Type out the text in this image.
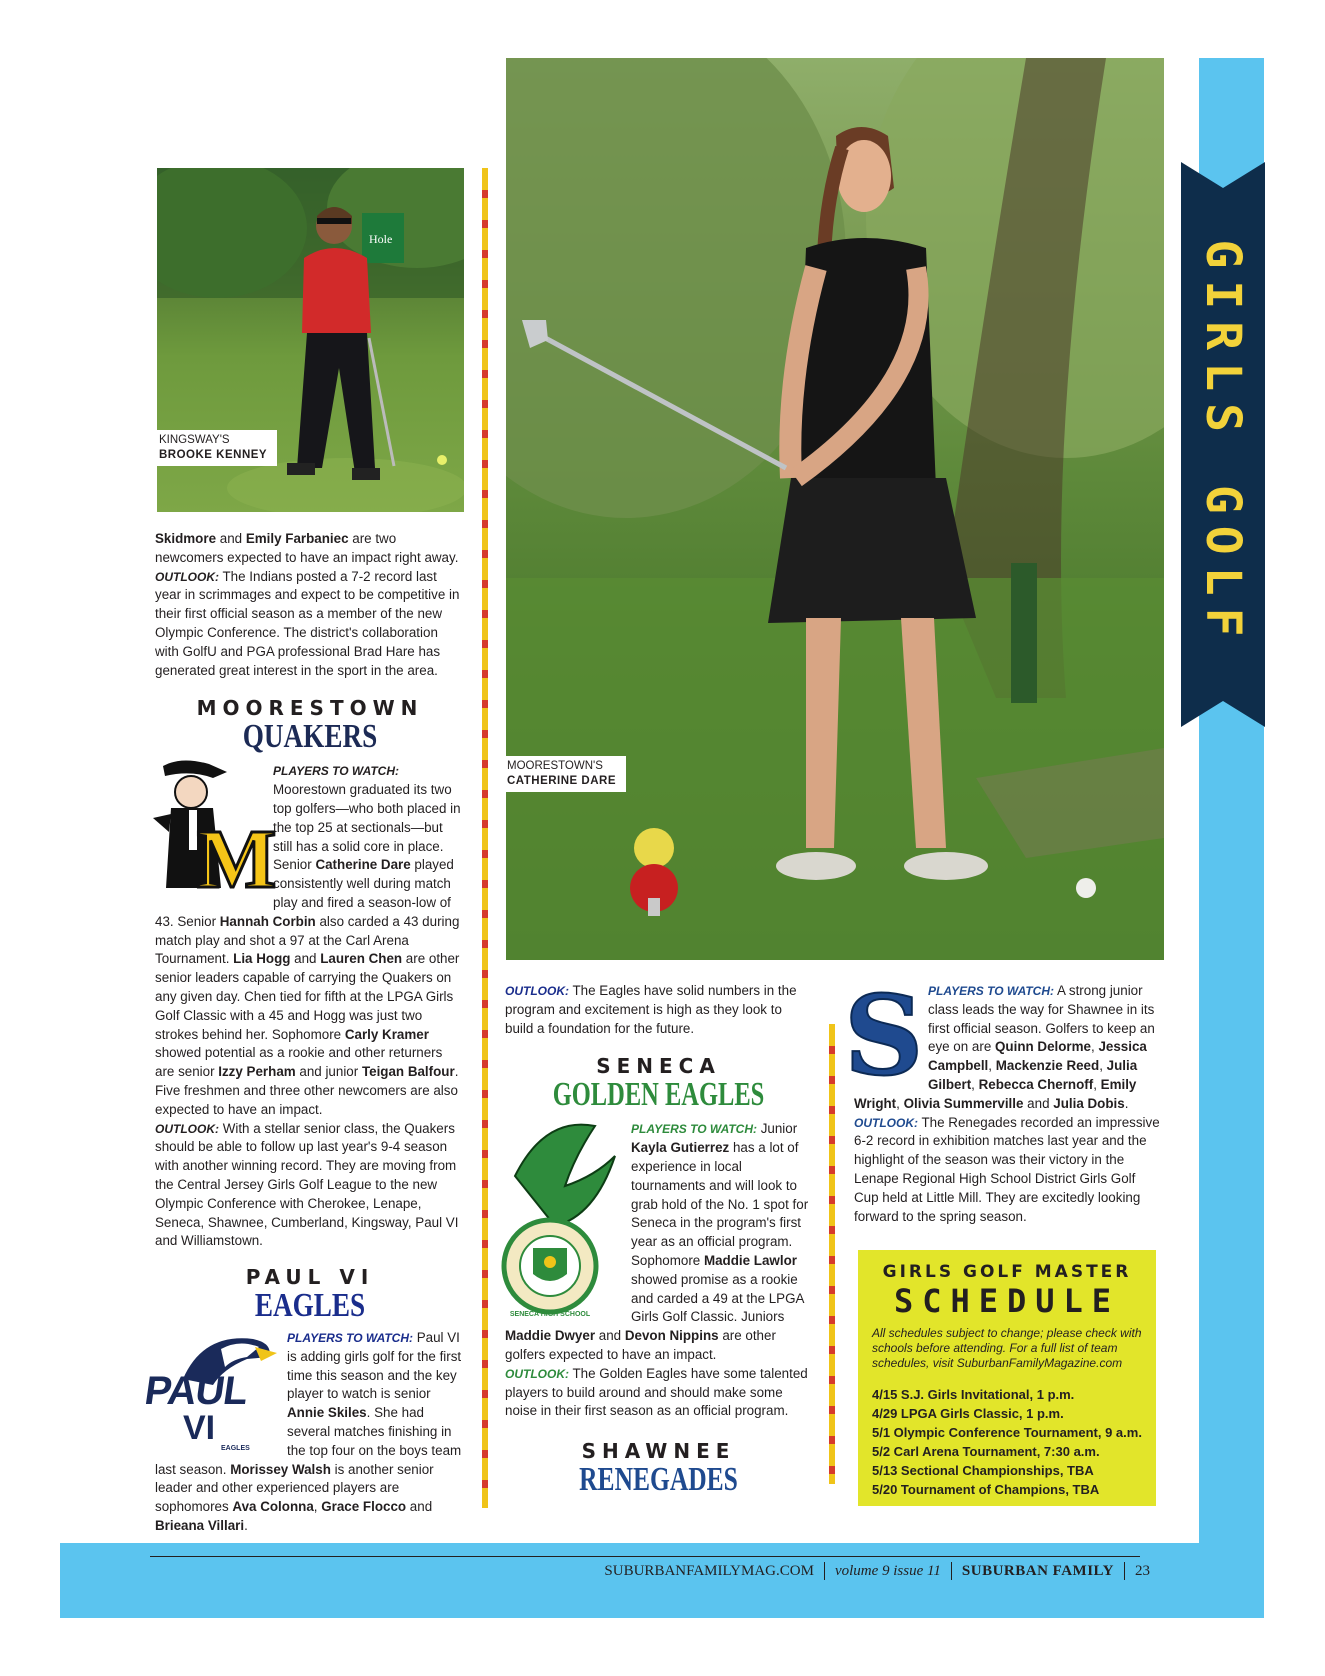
GIRLS GOLF
Hole
KINGSWAY'S
BROOKE KENNEY
MOORESTOWN'S
CATHERINE DARE

Skidmore and Emily Farbaniec are two newcomers expected to have an impact right away.

OUTLOOK: The Indians posted a 7-2 record last year in scrimmages and expect to be competitive in their first official season as a member of the new Olympic Conference. The district's collaboration with GolfU and PGA professional Brad Hare has generated great interest in the sport in the area.

MOORESTOWN
QUAKERS
M

PLAYERS TO WATCH: Moorestown graduated its two top golfers—who both placed in the top 25 at sectionals—but still has a solid core in place. Senior Catherine Dare played consistently well during match play and fired a season-low of 43. Senior Hannah Corbin also carded a 43 during match play and shot a 97 at the Carl Arena Tournament. Lia Hogg and Lauren Chen are other senior leaders capable of carrying the Quakers on any given day. Chen tied for fifth at the LPGA Girls Golf Classic with a 45 and Hogg was just two strokes behind her. Sophomore Carly Kramer showed potential as a rookie and other returners are senior Izzy Perham and junior Teigan Balfour. Five freshmen and three other newcomers are also expected to have an impact.

OUTLOOK: With a stellar senior class, the Quakers should be able to follow up last year's 9-4 season with another winning record. They are moving from the Central Jersey Girls Golf League to the new Olympic Conference with Cherokee, Lenape, Seneca, Shawnee, Cumberland, Kingsway, Paul VI and Williamstown.

PAUL VI
EAGLES
PAUL
VI
EAGLES

PLAYERS TO WATCH: Paul VI is adding girls golf for the first time this season and the key player to watch is senior Annie Skiles. She had several matches finishing in the top four on the boys team last season. Morissey Walsh is another senior leader and other experienced players are sophomores Ava Colonna, Grace Flocco and Brieana Villari.

OUTLOOK: The Eagles have solid numbers in the program and excitement is high as they look to build a foundation for the future.

SENECA
GOLDEN EAGLES
SENECA HIGH SCHOOL

PLAYERS TO WATCH: Junior Kayla Gutierrez has a lot of experience in local tournaments and will look to grab hold of the No. 1 spot for Seneca in the program's first year as an official program. Sophomore Maddie Lawlor showed promise as a rookie and carded a 49 at the LPGA Girls Golf Classic. Juniors Maddie Dwyer and Devon Nippins are other golfers expected to have an impact.

OUTLOOK: The Golden Eagles have some talented players to build around and should make some noise in their first season as an official program.

SHAWNEE
RENEGADES
S PLAYERS TO WATCH: A strong junior class leads the way for Shawnee in its first official season. Golfers to keep an eye on are Quinn Delorme, Jessica Campbell, Mackenzie Reed, Julia Gilbert, Rebecca Chernoff, Emily Wright, Olivia Summerville and Julia Dobis.

OUTLOOK: The Renegades recorded an impressive 6-2 record in exhibition matches last year and the highlight of the season was their victory in the Lenape Regional High School District Girls Golf Cup held at Little Mill. They are excitedly looking forward to the spring season.

GIRLS GOLF MASTER
SCHEDULE

All schedules subject to change; please check with schools before attending. For a full list of team schedules, visit SuburbanFamilyMagazine.com

4/15 S.J. Girls Invitational, 1 p.m.
4/29 LPGA Girls Classic, 1 p.m.
5/1 Olympic Conference Tournament, 9 a.m.
5/2 Carl Arena Tournament, 7:30 a.m.
5/13 Sectional Championships, TBA
5/20 Tournament of Champions, TBA
SUBURBANFAMILYMAG.COM volume 9 issue 11 SUBURBAN FAMILY 23
